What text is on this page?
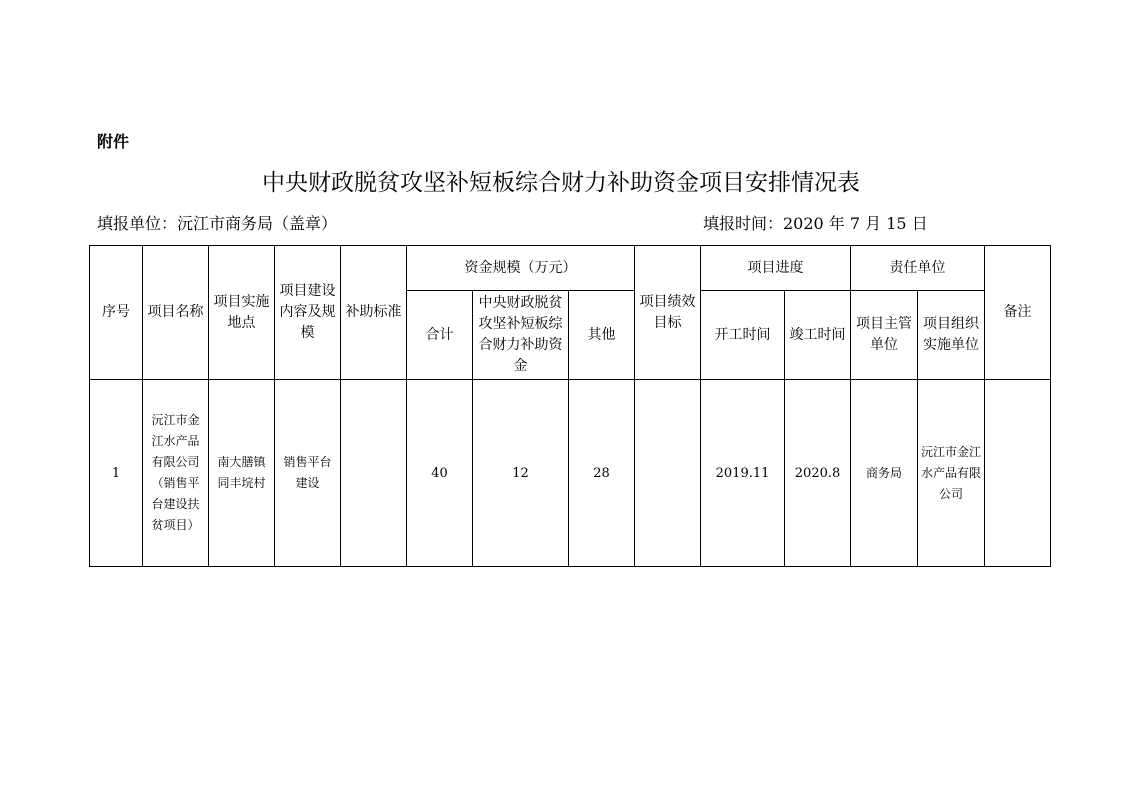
附件
中央财政脱贫攻坚补短板综合财力补助资金项目安排情况表
填报单位：沅江市商务局（盖章）	填报时间：2020 年 7 月 15 日
序号	项目名称	项目实施地点	项目建设内容及规模	补助标准	资金规模（万元）			项目绩效目标	项目进度		责任单位		备注
					合计	中央财政脱贫攻坚补短板综合财力补助资金	其他		开工时间	竣工时间	项目主管单位	项目组织实施单位	
1	沅江市金江水产品有限公司（销售平台建设扶贫项目）	南大膳镇同丰垸村	销售平台建设		40	12	28		2019.11	2020.8	商务局	沅江市金江水产品有限公司	
